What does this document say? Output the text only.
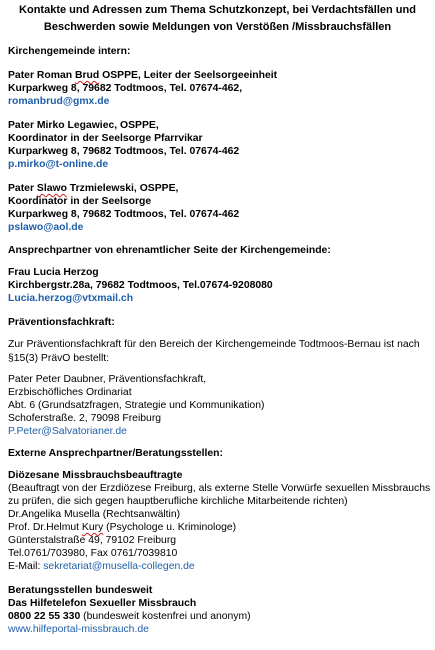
Kontakte und Adressen zum Thema Schutzkonzept, bei Verdachtsfällen und
Beschwerden sowie Meldungen von Verstößen /Missbrauchsfällen
Kirchengemeinde intern:
Pater Roman Brud OSPPE, Leiter der Seelsorgeeinheit
Kurparkweg 8, 79682 Todtmoos, Tel. 07674-462,
romanbrud@gmx.de
Pater Mirko Legawiec, OSPPE,
Koordinator in der Seelsorge Pfarrvikar
Kurparkweg 8, 79682 Todtmoos, Tel. 07674-462
p.mirko@t-online.de
Pater Slawo Trzmielewski, OSPPE,
Koordinator in der Seelsorge
Kurparkweg 8, 79682 Todtmoos, Tel. 07674-462
pslawo@aol.de
Ansprechpartner von ehrenamtlicher Seite der Kirchengemeinde:
Frau Lucia Herzog
Kirchbergstr.28a, 79682 Todtmoos, Tel.07674-9208080
Lucia.herzog@vtxmail.ch
Präventionsfachkraft:
Zur Präventionsfachkraft für den Bereich der Kirchengemeinde Todtmoos-Bernau ist nach
§15(3) PrävO bestellt:
Pater Peter Daubner, Präventionsfachkraft,
Erzbischöfliches Ordinariat
Abt. 6 (Grundsatzfragen, Strategie und Kommunikation)
Schoferstraße. 2, 79098 Freiburg
P.Peter@Salvatorianer.de
Externe Ansprechpartner/Beratungsstellen:
Diözesane Missbrauchsbeauftragte
(Beauftragt von der Erzdiözese Freiburg, als externe Stelle Vorwürfe sexuellen Missbrauchs
zu prüfen, die sich gegen hauptberufliche kirchliche Mitarbeitende richten)
Dr.Angelika Musella (Rechtsanwältin)
Prof. Dr.Helmut Kury (Psychologe u. Kriminologe)
Günterstalstraße 49, 79102 Freiburg
Tel.0761/703980, Fax 0761/7039810
E-Mail: sekretariat@musella-collegen.de
Beratungsstellen bundesweit
Das Hilfetelefon Sexueller Missbrauch
0800 22 55 330 (bundesweit kostenfrei und anonym)
www.hilfeportal-missbrauch.de
